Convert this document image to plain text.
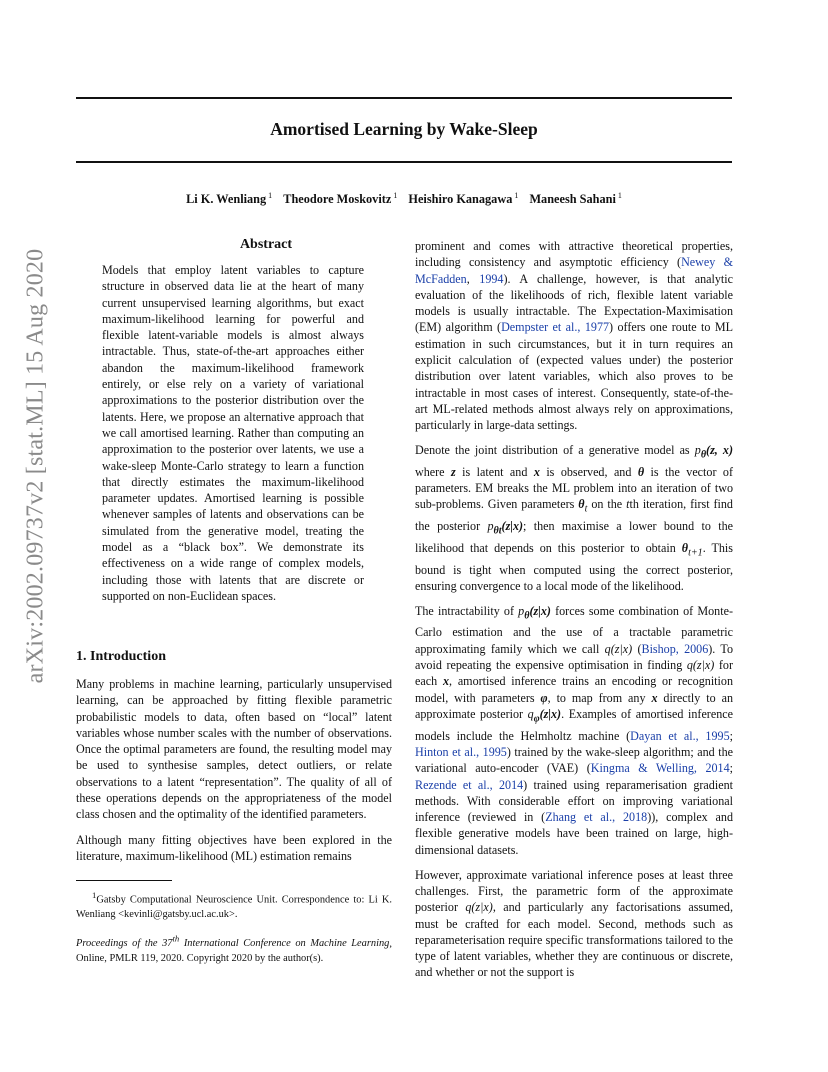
Amortised Learning by Wake-Sleep
Li K. Wenliang $^1$ Theodore Moskovitz $^1$ Heishiro Kanagawa $^1$ Maneesh Sahani $^1$
arXiv:2002.09737v2 [stat.ML] 15 Aug 2020
Abstract

Models that employ latent variables to capture structure in observed data lie at the heart of many current unsupervised learning algorithms, but exact maximum-likelihood learning for powerful and flexible latent-variable models is almost always intractable. Thus, state-of-the-art approaches either abandon the maximum-likelihood framework entirely, or else rely on a variety of variational approximations to the posterior distribution over the latents. Here, we propose an alternative approach that we call amortised learning. Rather than computing an approximation to the posterior over latents, we use a wake-sleep Monte-Carlo strategy to learn a function that directly estimates the maximum-likelihood parameter updates. Amortised learning is possible whenever samples of latents and observations can be simulated from the generative model, treating the model as a “black box”. We demonstrate its effectiveness on a wide range of complex models, including those with latents that are discrete or supported on non-Euclidean spaces.

1. Introduction

Many problems in machine learning, particularly unsupervised learning, can be approached by fitting flexible parametric probabilistic models to data, often based on “local” latent variables whose number scales with the number of observations. Once the optimal parameters are found, the resulting model may be used to synthesise samples, detect outliers, or relate observations to a latent “representation”. The quality of all of these operations depends on the appropriateness of the model class chosen and the optimality of the identified parameters.

Although many fitting objectives have been explored in the literature, maximum-likelihood (ML) estimation remains

$^1$Gatsby Computational Neuroscience Unit. Correspondence to: Li K. Wenliang <kevinli@gatsby.ucl.ac.uk>.

Proceedings of the 37th International Conference on Machine Learning, Online, PMLR 119, 2020. Copyright 2020 by the author(s).

prominent and comes with attractive theoretical properties, including consistency and asymptotic efficiency (Newey & McFadden, 1994). A challenge, however, is that analytic evaluation of the likelihoods of rich, flexible latent variable models is usually intractable. The Expectation-Maximisation (EM) algorithm (Dempster et al., 1977) offers one route to ML estimation in such circumstances, but it in turn requires an explicit calculation of (expected values under) the posterior distribution over latent variables, which also proves to be intractable in most cases of interest. Consequently, state-of-the-art ML-related methods almost always rely on approximations, particularly in large-data settings.

Denote the joint distribution of a generative model as $p_\theta(z$, x) where z is latent and x is observed, and θ is the vector of parameters. EM breaks the ML problem into an iteration of two sub-problems. Given parameters $\theta_t$ on the tth iteration, first find the posterior $p_{\theta t}(z|x)$; then maximise a lower bound to the likelihood that depends on this posterior to obtain $\theta_{t+1}$. This bound is tight when computed using the correct posterior, ensuring convergence to a local mode of the likelihood.

The intractability of $p_\theta(z|x)$ forces some combination of Monte-Carlo estimation and the use of a tractable parametric approximating family which we call q(z|x) (Bishop, 2006). To avoid repeating the expensive optimisation in finding q(z|x) for each x, amortised inference trains an encoding or recognition model, with parameters φ, to map from any x directly to an approximate posterior $q_\varphi(z|x)$. Examples of amortised inference models include the Helmholtz machine (Dayan et al., 1995; Hinton et al., 1995) trained by the wake-sleep algorithm; and the variational auto-encoder (VAE) (Kingma & Welling, 2014; Rezende et al., 2014) trained using reparamerisation gradient methods. With considerable effort on improving variational inference (reviewed in (Zhang et al., 2018)), complex and flexible generative models have been trained on large, high-dimensional datasets.

However, approximate variational inference poses at least three challenges. First, the parametric form of the approximate posterior q(z|x), and particularly any factorisations assumed, must be crafted for each model. Second, methods such as reparameterisation require specific transformations tailored to the type of latent variables, whether they are continuous or discrete, and whether or not the support is
